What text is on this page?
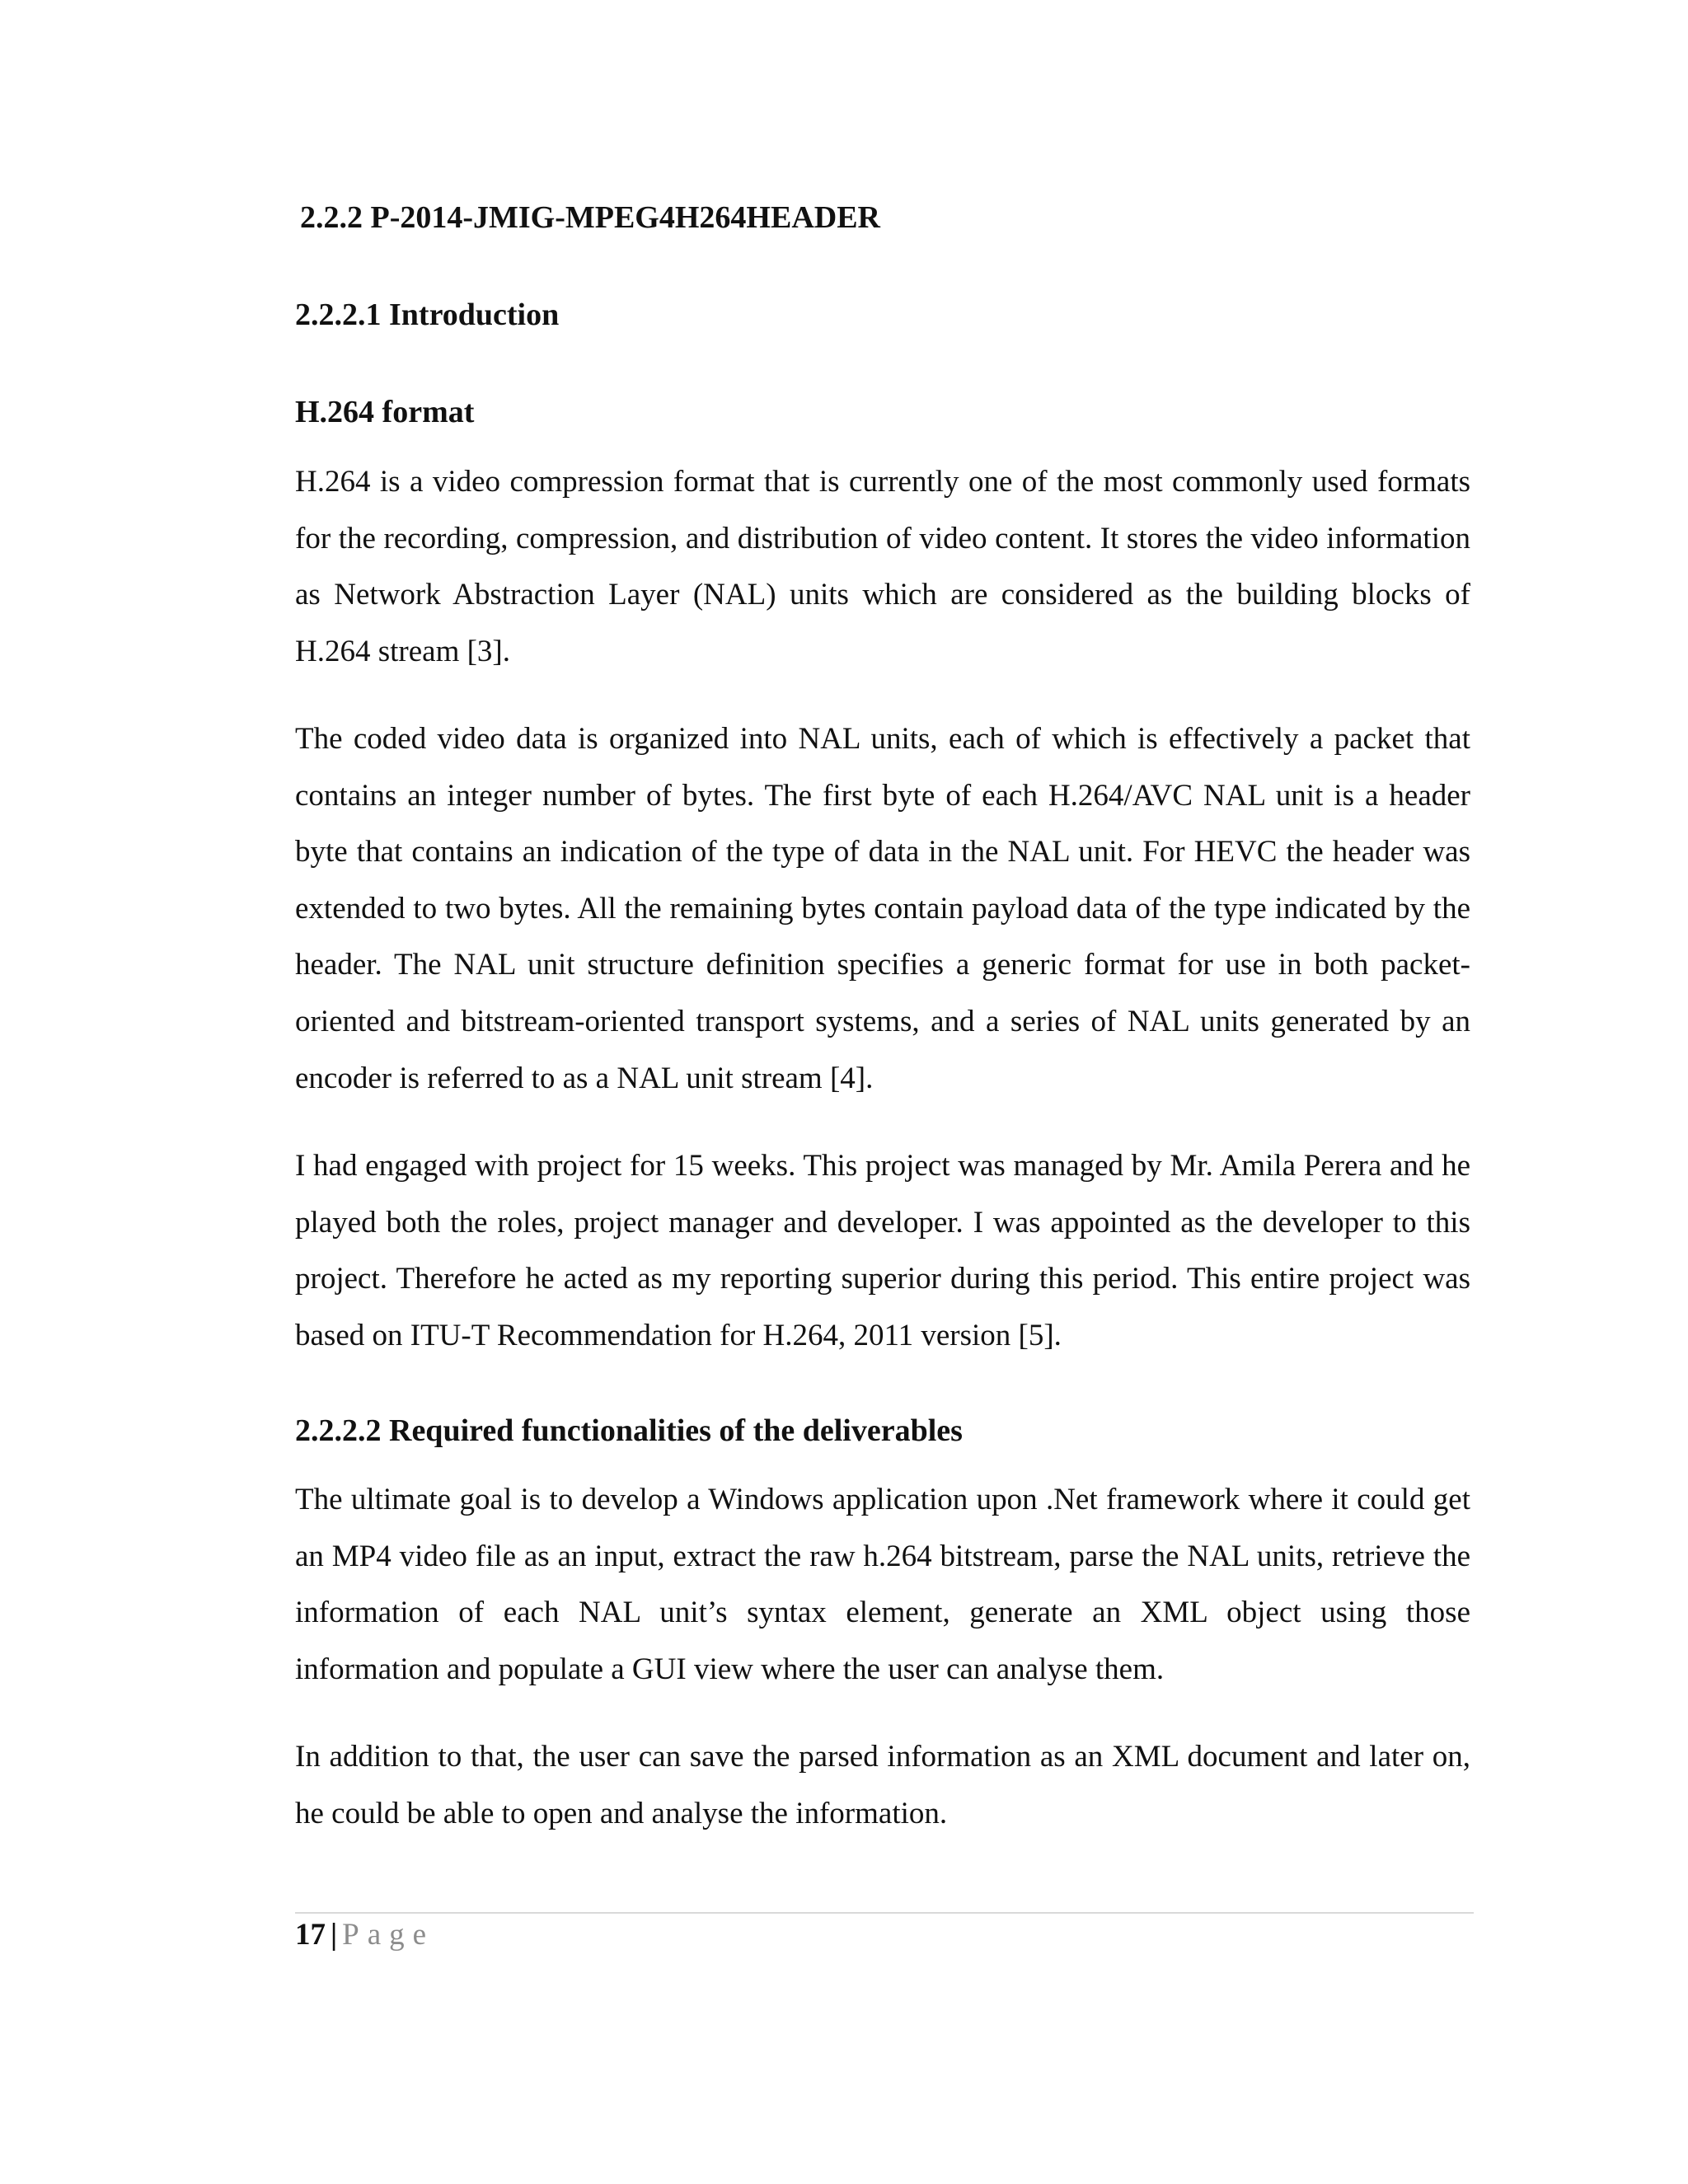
2.2.2 P-2014-JMIG-MPEG4H264HEADER
2.2.2.1 Introduction
H.264 format

H.264 is a video compression format that is currently one of the most commonly used formats for the recording, compression, and distribution of video content. It stores the video information as Network Abstraction Layer (NAL) units which are considered as the building blocks of H.264 stream [3].

The coded video data is organized into NAL units, each of which is effectively a packet that contains an integer number of bytes. The first byte of each H.264/AVC NAL unit is a header byte that contains an indication of the type of data in the NAL unit. For HEVC the header was extended to two bytes. All the remaining bytes contain payload data of the type indicated by the header. The NAL unit structure definition specifies a generic format for use in both packet-oriented and bitstream-oriented transport systems, and a series of NAL units generated by an encoder is referred to as a NAL unit stream [4].

I had engaged with project for 15 weeks. This project was managed by Mr. Amila Perera and he played both the roles, project manager and developer. I was appointed as the developer to this project. Therefore he acted as my reporting superior during this period. This entire project was based on ITU-T Recommendation for H.264, 2011 version [5].

2.2.2.2 Required functionalities of the deliverables

The ultimate goal is to develop a Windows application upon .Net framework where it could get an MP4 video file as an input, extract the raw h.264 bitstream, parse the NAL units, retrieve the information of each NAL unit’s syntax element, generate an XML object using those information and populate a GUI view where the user can analyse them.

In addition to that, the user can save the parsed information as an XML document and later on, he could be able to open and analyse the information.

17 | Page
